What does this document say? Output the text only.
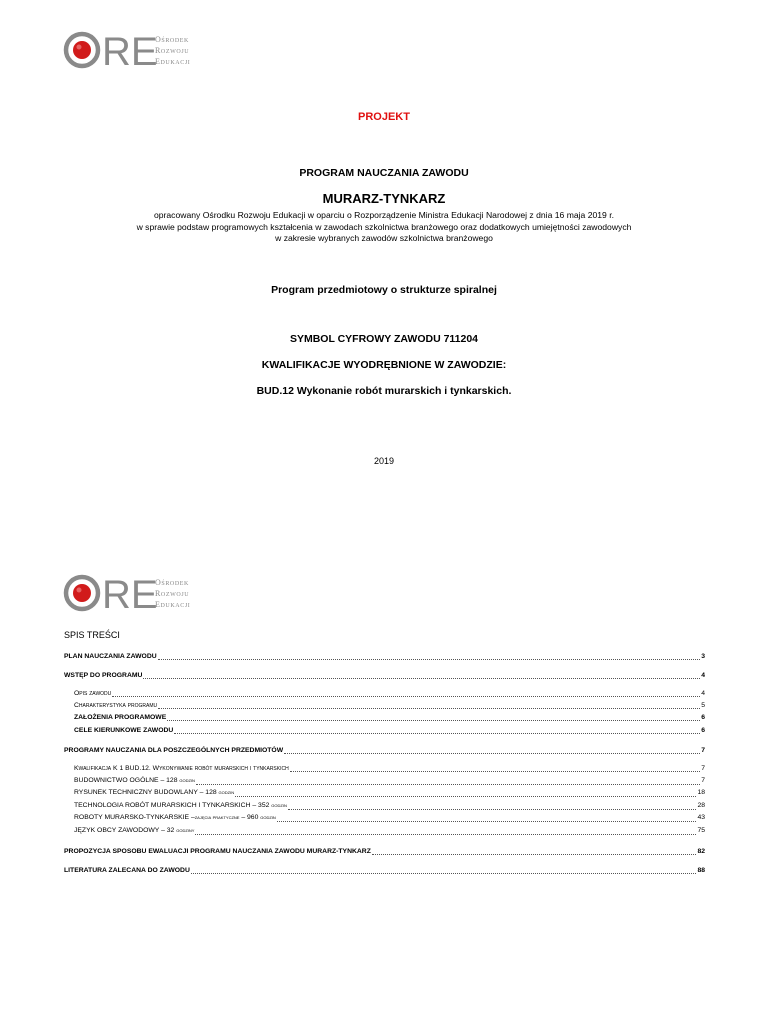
RE
Ośrodek
Rozwoju
Edukacji
PROJEKT
PROGRAM NAUCZANIA ZAWODU
MURARZ-TYNKARZ
opracowany Ośrodku Rozwoju Edukacji w oparciu o Rozporządzenie Ministra Edukacji Narodowej z dnia 16 maja 2019 r.
w sprawie podstaw programowych kształcenia w zawodach szkolnictwa branżowego oraz dodatkowych umiejętności zawodowych
w zakresie wybranych zawodów szkolnictwa branżowego
Program przedmiotowy o strukturze spiralnej
SYMBOL CYFROWY ZAWODU 711204
KWALIFIKACJE WYODRĘBNIONE W ZAWODZIE:
BUD.12 Wykonanie robót murarskich i tynkarskich.
2019
RE
Ośrodek
Rozwoju
Edukacji
SPIS TREŚCI
PLAN NAUCZANIA ZAWODU	3
WSTĘP DO PROGRAMU	4
Opis zawodu	4
Charakterystyka programu	5
ZAŁOŻENIA PROGRAMOWE	6
CELE KIERUNKOWE ZAWODU	6
PROGRAMY NAUCZANIA DLA POSZCZEGÓLNYCH PRZEDMIOTÓW	7
Kwalifikacja K 1 BUD.12. Wykonywanie robót murarskich i tynkarskich	7
BUDOWNICTWO OGÓLNE – 128 godzin	7
RYSUNEK TECHNICZNY BUDOWLANY – 128 godzin	18
TECHNOLOGIA ROBÓT MURARSKICH I TYNKARSKICH – 352 godzin	28
ROBOTY MURARSKO-TYNKARSKIE –zajęcia praktyczne – 960 godzin	43
JĘZYK OBCY ZAWODOWY – 32 godziny	75
PROPOZYCJA SPOSOBU EWALUACJI PROGRAMU NAUCZANIA ZAWODU MURARZ-TYNKARZ	82
LITERATURA ZALECANA DO ZAWODU	88
